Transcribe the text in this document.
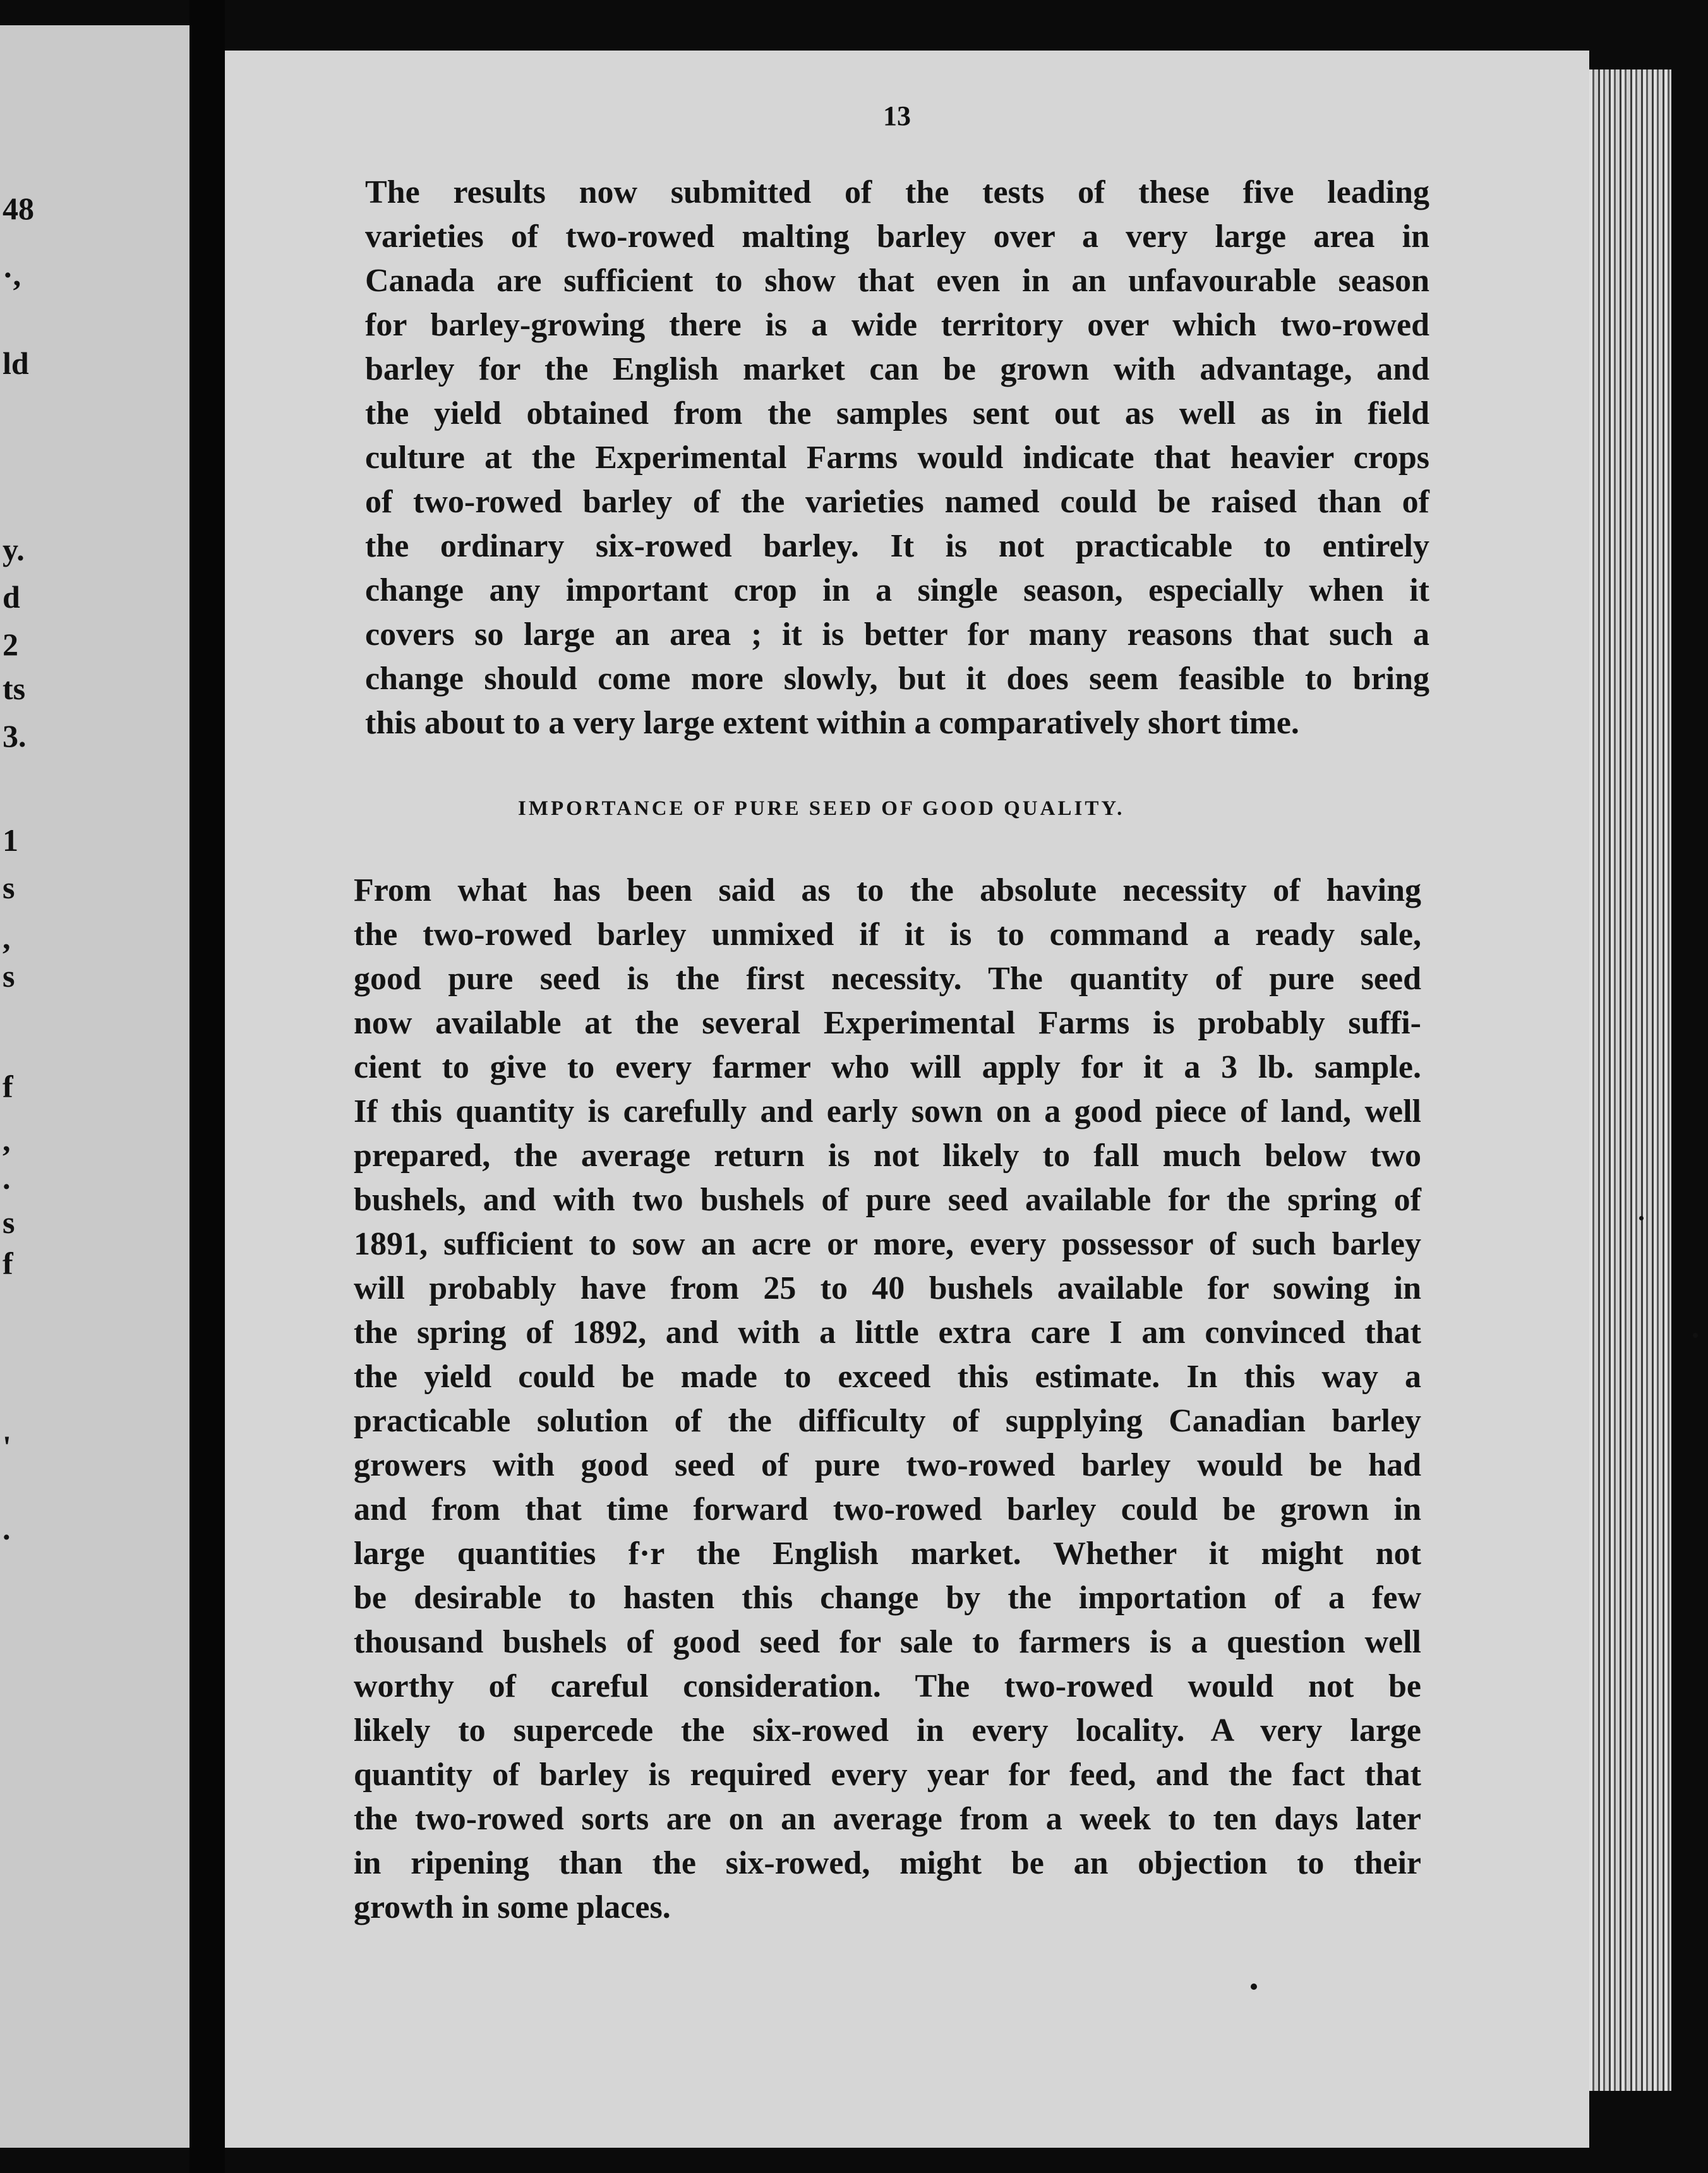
48
·,
ld
y.
d
2
ts
3.
1
s
,
s
f
,
.
s
f
'
.
13
The results now submitted of the tests of these five leading
varieties of two-rowed malting barley over a very large area in
Canada are sufficient to show that even in an unfavourable season
for barley-growing there is a wide territory over which two-rowed
barley for the English market can be grown with advantage, and
the yield obtained from the samples sent out as well as in field
culture at the Experimental Farms would indicate that heavier crops
of two-rowed barley of the varieties named could be raised than of
the ordinary six-rowed barley. It is not practicable to entirely
change any important crop in a single season, especially when it
covers so large an area ; it is better for many reasons that such a
change should come more slowly, but it does seem feasible to bring
this about to a very large extent within a comparatively short time.
IMPORTANCE OF PURE SEED OF GOOD QUALITY.
From what has been said as to the absolute necessity of having
the two-rowed barley unmixed if it is to command a ready sale,
good pure seed is the first necessity. The quantity of pure seed
now available at the several Experimental Farms is probably suffi-
cient to give to every farmer who will apply for it a 3 lb. sample.
If this quantity is carefully and early sown on a good piece of land, well
prepared, the average return is not likely to fall much below two
bushels, and with two bushels of pure seed available for the spring of
1891, sufficient to sow an acre or more, every possessor of such barley
will probably have from 25 to 40 bushels available for sowing in
the spring of 1892, and with a little extra care I am convinced that
the yield could be made to exceed this estimate. In this way a
practicable solution of the difficulty of supplying Canadian barley
growers with good seed of pure two-rowed barley would be had
and from that time forward two-rowed barley could be grown in
large quantities f·r the English market. Whether it might not
be desirable to hasten this change by the importation of a few
thousand bushels of good seed for sale to farmers is a question well
worthy of careful consideration. The two-rowed would not be
likely to supercede the six-rowed in every locality. A very large
quantity of barley is required every year for feed, and the fact that
the two-rowed sorts are on an average from a week to ten days later
in ripening than the six-rowed, might be an objection to their
growth in some places.
